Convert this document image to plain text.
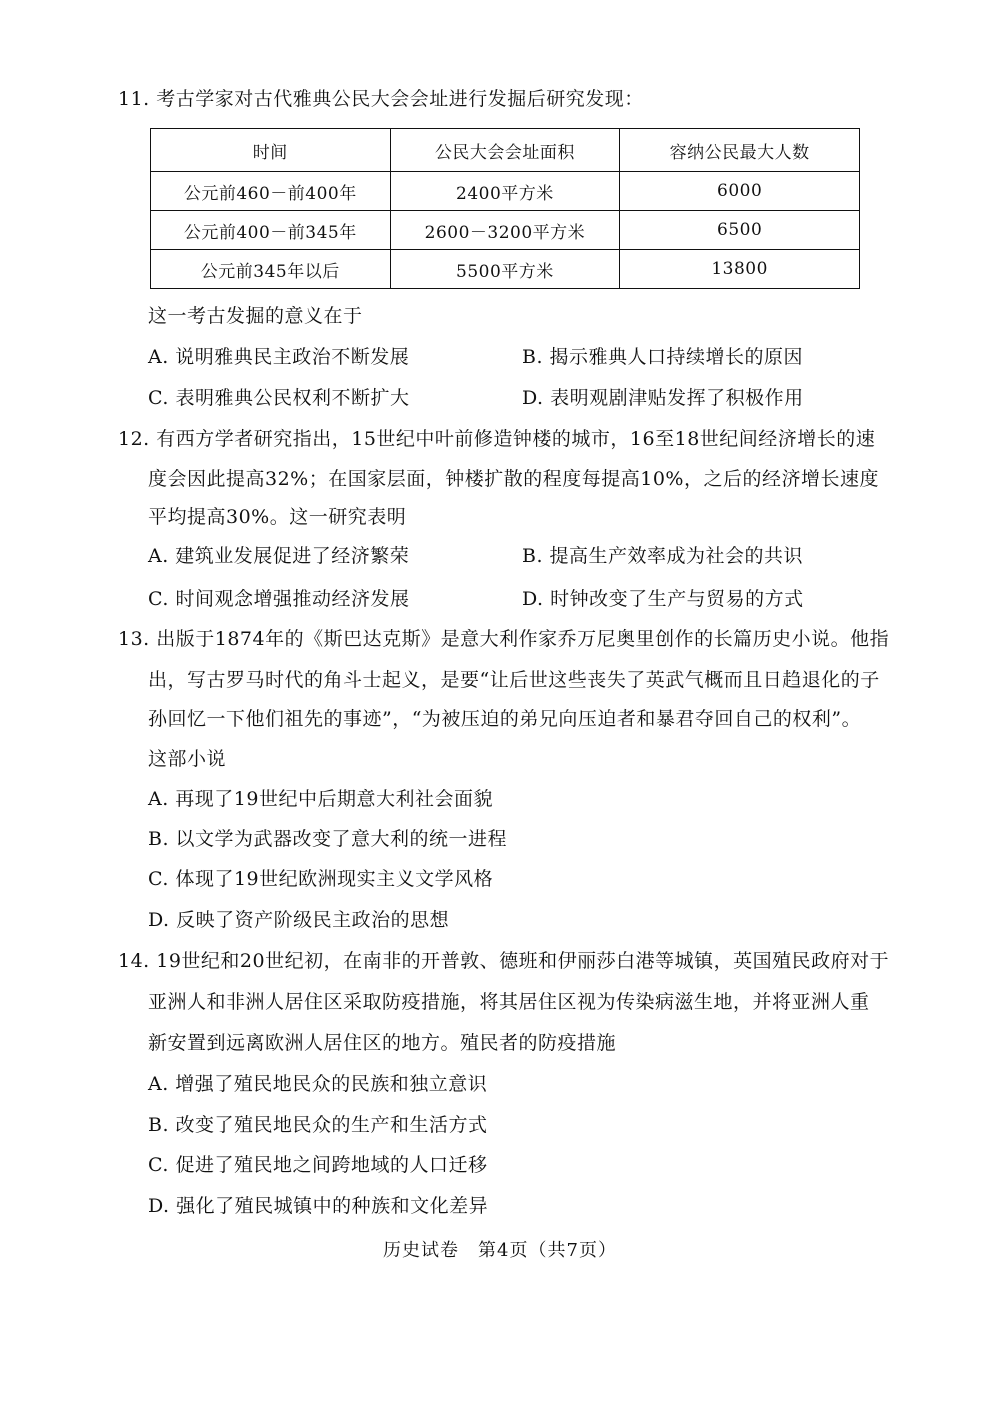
11. 考古学家对古代雅典公民大会会址进行发掘后研究发现：
时间	公民大会会址面积	容纳公民最大人数
公元前460－前400年	2400平方米	6000
公元前400－前345年	2600－3200平方米	6500
公元前345年以后	5500平方米	13800
这一考古发掘的意义在于
A. 说明雅典民主政治不断发展	B. 揭示雅典人口持续增长的原因
C. 表明雅典公民权利不断扩大	D. 表明观剧津贴发挥了积极作用
12. 有西方学者研究指出，15世纪中叶前修造钟楼的城市，16至18世纪间经济增长的速
度会因此提高32%；在国家层面，钟楼扩散的程度每提高10%，之后的经济增长速度
平均提高30%。这一研究表明
A. 建筑业发展促进了经济繁荣	B. 提高生产效率成为社会的共识
C. 时间观念增强推动经济发展	D. 时钟改变了生产与贸易的方式
13. 出版于1874年的《斯巴达克斯》是意大利作家乔万尼奥里创作的长篇历史小说。他指
出，写古罗马时代的角斗士起义，是要“让后世这些丧失了英武气概而且日趋退化的子
孙回忆一下他们祖先的事迹”，“为被压迫的弟兄向压迫者和暴君夺回自己的权利”。
这部小说
A. 再现了19世纪中后期意大利社会面貌
B. 以文学为武器改变了意大利的统一进程
C. 体现了19世纪欧洲现实主义文学风格
D. 反映了资产阶级民主政治的思想
14. 19世纪和20世纪初，在南非的开普敦、德班和伊丽莎白港等城镇，英国殖民政府对于
亚洲人和非洲人居住区采取防疫措施，将其居住区视为传染病滋生地，并将亚洲人重
新安置到远离欧洲人居住区的地方。殖民者的防疫措施
A. 增强了殖民地民众的民族和独立意识
B. 改变了殖民地民众的生产和生活方式
C. 促进了殖民地之间跨地域的人口迁移
D. 强化了殖民城镇中的种族和文化差异
历史试卷　第4页（共7页）
